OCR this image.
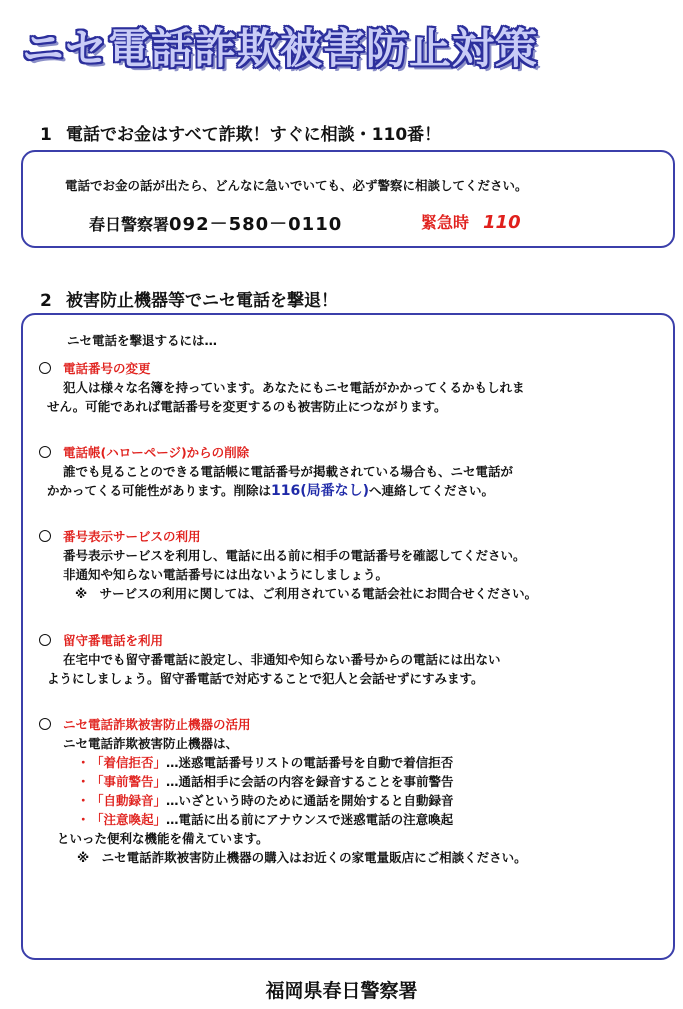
ニセ電話詐欺被害防止対策
1 電話でお金はすべて詐欺！すぐに相談・110番！
電話でお金の話が出たら、どんなに急いでいても、必ず警察に相談してください。
春日警察署092－580－0110	緊急時 110
2 被害防止機器等でニセ電話を撃退！
ニセ電話を撃退するには…
電話番号の変更
犯人は様々な名簿を持っています。あなたにもニセ電話がかかってくるかもしれま
せん。可能であれば電話番号を変更するのも被害防止につながります。
電話帳(ハローページ)からの削除
誰でも見ることのできる電話帳に電話番号が掲載されている場合も、ニセ電話が
かかってくる可能性があります。削除は116(局番なし)へ連絡してください。
番号表示サービスの利用
番号表示サービスを利用し、電話に出る前に相手の電話番号を確認してください。
非通知や知らない電話番号には出ないようにしましょう。
※　サービスの利用に関しては、ご利用されている電話会社にお問合せください。
留守番電話を利用
在宅中でも留守番電話に設定し、非通知や知らない番号からの電話には出ない
ようにしましょう。留守番電話で対応することで犯人と会話せずにすみます。
ニセ電話詐欺被害防止機器の活用
ニセ電話詐欺被害防止機器は、
・「着信拒否」…迷惑電話番号リストの電話番号を自動で着信拒否
・「事前警告」…通話相手に会話の内容を録音することを事前警告
・「自動録音」…いざという時のために通話を開始すると自動録音
・「注意喚起」…電話に出る前にアナウンスで迷惑電話の注意喚起
といった便利な機能を備えています。
※　ニセ電話詐欺被害防止機器の購入はお近くの家電量販店にご相談ください。
福岡県春日警察署
